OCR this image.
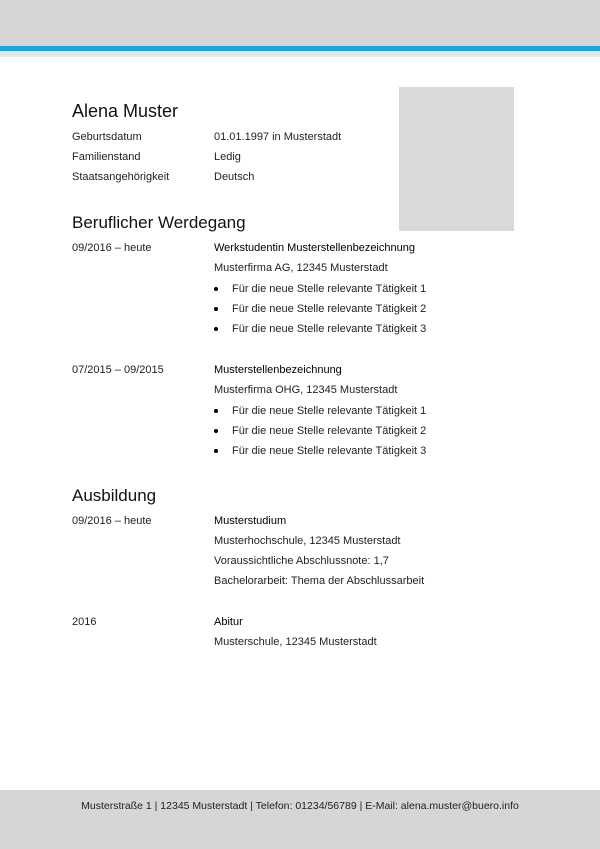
Alena Muster
Geburtsdatum	01.01.1997 in Musterstadt
Familienstand	Ledig
Staatsangehörigkeit	Deutsch
Beruflicher Werdegang
09/2016 – heute	Werkstudentin Musterstellenbezeichnung
Musterfirma AG, 12345 Musterstadt
Für die neue Stelle relevante Tätigkeit 1
Für die neue Stelle relevante Tätigkeit 2
Für die neue Stelle relevante Tätigkeit 3
07/2015 – 09/2015	Musterstellenbezeichnung
Musterfirma OHG, 12345 Musterstadt
Für die neue Stelle relevante Tätigkeit 1
Für die neue Stelle relevante Tätigkeit 2
Für die neue Stelle relevante Tätigkeit 3
Ausbildung
09/2016 – heute	Musterstudium
Musterhochschule, 12345 Musterstadt
Voraussichtliche Abschlussnote: 1,7
Bachelorarbeit: Thema der Abschlussarbeit
2016	Abitur
Musterschule, 12345 Musterstadt
Musterstraße 1 | 12345 Musterstadt | Telefon: 01234/56789 | E-Mail: alena.muster@buero.info
